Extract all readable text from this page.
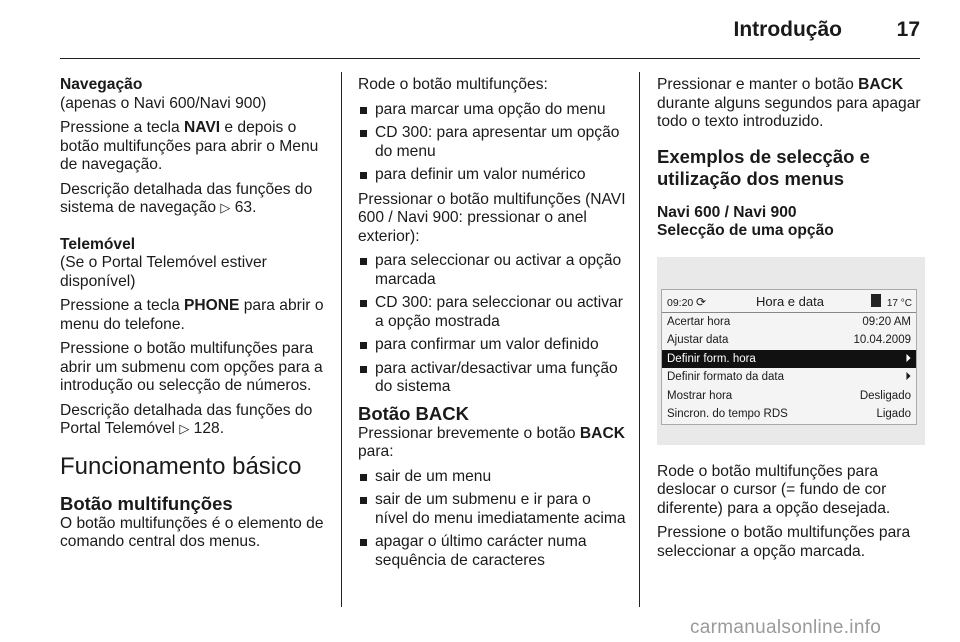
Introdução	17

Navegação

(apenas o Navi 600/Navi 900)

Pressione a tecla NAVI e depois o botão multifunções para abrir o Menu de navegação.

Descrição detalhada das funções do sistema de navegação ▷ 63.

Telemóvel

(Se o Portal Telemóvel estiver disponível)

Pressione a tecla PHONE para abrir o menu do telefone.

Pressione o botão multifunções para abrir um submenu com opções para a introdução ou selecção de números.

Descrição detalhada das funções do Portal Telemóvel ▷ 128.

Funcionamento básico
Botão multifunções

O botão multifunções é o elemento de comando central dos menus.

Rode o botão multifunções:

para marcar uma opção do menu
CD 300: para apresentar um opção do menu
para definir um valor numérico

Pressionar o botão multifunções (NAVI 600 / Navi 900: pressionar o anel exterior):

para seleccionar ou activar a opção marcada
CD 300: para seleccionar ou activar a opção mostrada
para confirmar um valor definido
para activar/desactivar uma função do sistema
Botão BACK

Pressionar brevemente o botão BACK para:

sair de um menu
sair de um submenu e ir para o nível do menu imediatamente acima
apagar o último carácter numa sequência de caracteres

Pressionar e manter o botão BACK durante alguns segundos para apagar todo o texto introduzido.

Exemplos de selecção e utilização dos menus

Navi 600 / Navi 900

Selecção de uma opção

09:20 ⟳	Hora e data	17 °C
Acertar hora	09:20 AM
Ajustar data	10.04.2009
Definir form. hora	⏵
Definir formato da data	⏵
Mostrar hora	Desligado
Sincron. do tempo RDS	Ligado

Rode o botão multifunções para deslocar o cursor (= fundo de cor diferente) para a opção desejada.

Pressione o botão multifunções para seleccionar a opção marcada.

carmanualsonline.info
